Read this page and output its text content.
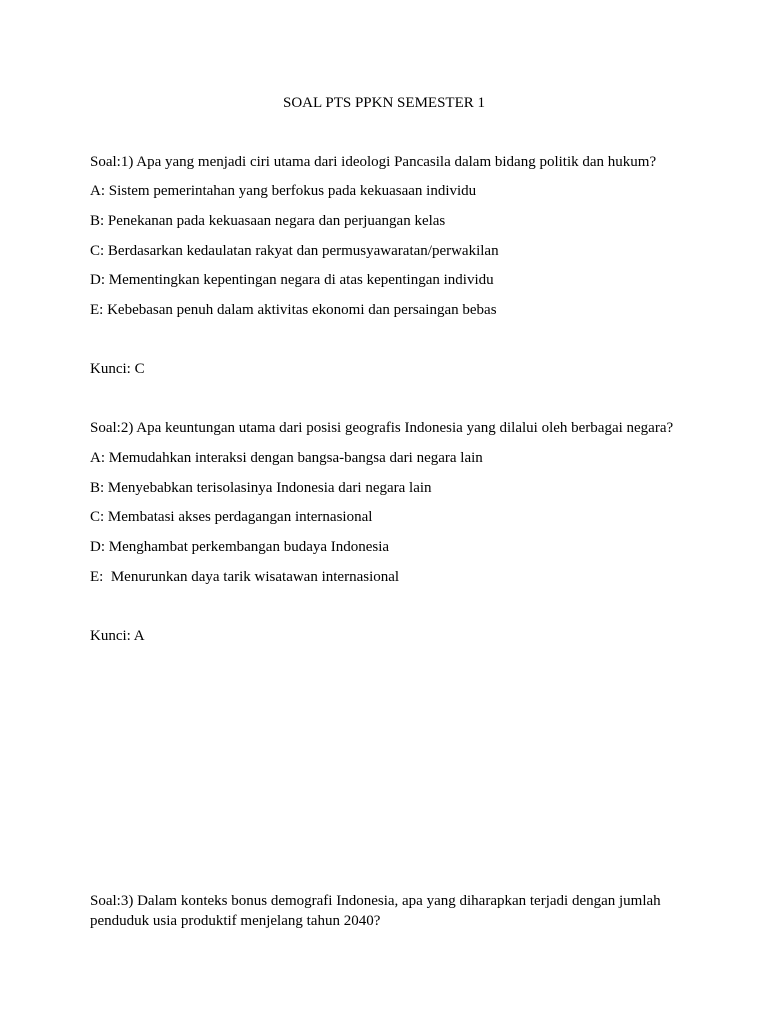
SOAL PTS PPKN SEMESTER 1
Soal:1) Apa yang menjadi ciri utama dari ideologi Pancasila dalam bidang politik dan hukum?
A: Sistem pemerintahan yang berfokus pada kekuasaan individu
B: Penekanan pada kekuasaan negara dan perjuangan kelas
C: Berdasarkan kedaulatan rakyat dan permusyawaratan/perwakilan
D: Mementingkan kepentingan negara di atas kepentingan individu
E: Kebebasan penuh dalam aktivitas ekonomi dan persaingan bebas
Kunci: C
Soal:2) Apa keuntungan utama dari posisi geografis Indonesia yang dilalui oleh berbagai negara?
A: Memudahkan interaksi dengan bangsa-bangsa dari negara lain
B: Menyebabkan terisolasinya Indonesia dari negara lain
C: Membatasi akses perdagangan internasional
D: Menghambat perkembangan budaya Indonesia
E:  Menurunkan daya tarik wisatawan internasional
Kunci: A
Soal:3) Dalam konteks bonus demografi Indonesia, apa yang diharapkan terjadi dengan jumlah penduduk usia produktif menjelang tahun 2040?
